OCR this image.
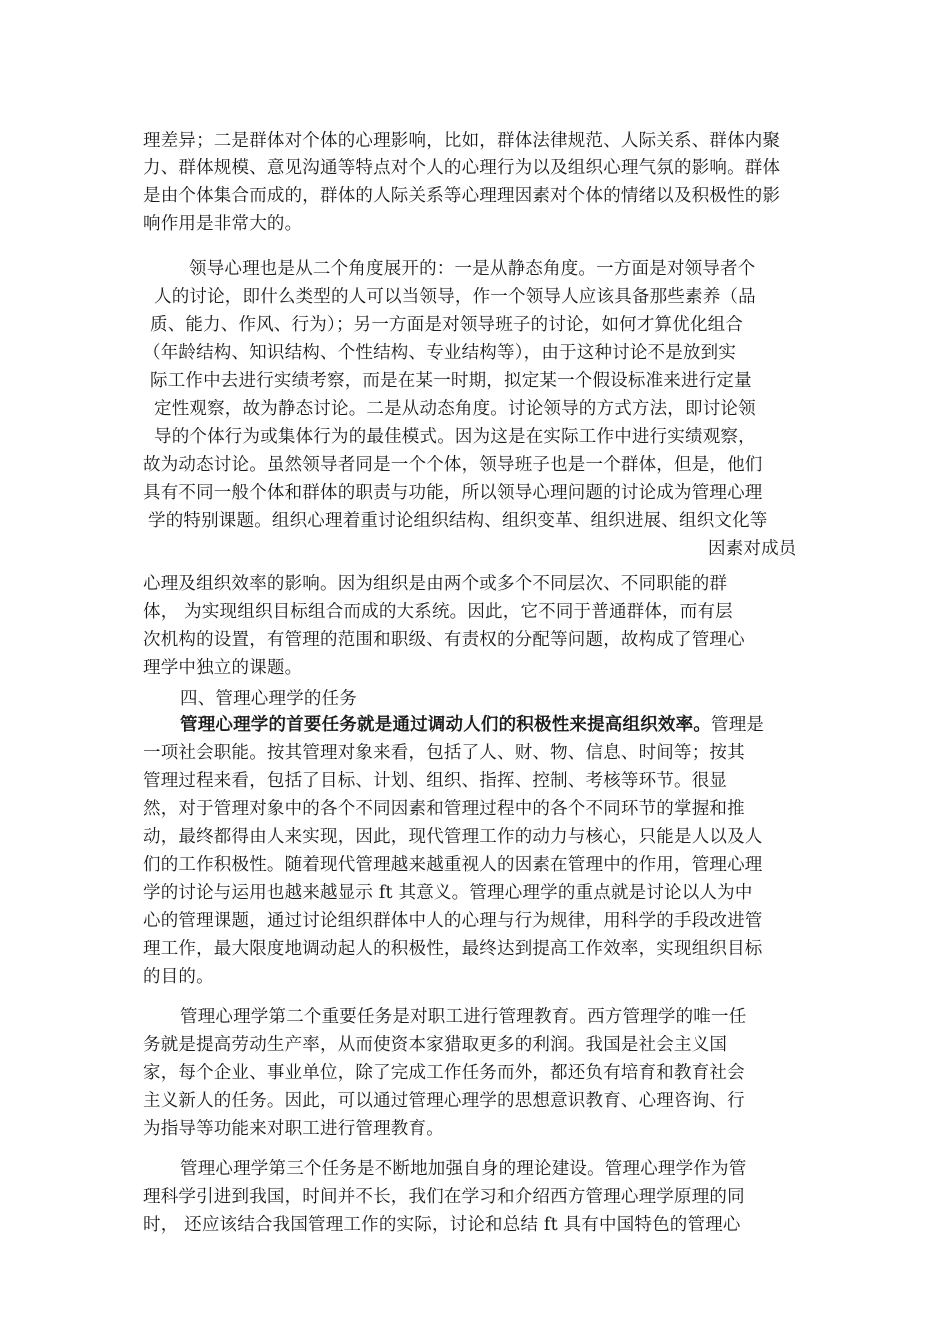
理差异；二是群体对个体的心理影响，比如，群体法律规范、人际关系、群体内聚
力、群体规模、意见沟通等特点对个人的心理行为以及组织心理气氛的影响。群体
是由个体集合而成的，群体的人际关系等心理理因素对个体的情绪以及积极性的影
响作用是非常大的。
领导心理也是从二个角度展开的：一是从静态角度。一方面是对领导者个
人的讨论，即什么类型的人可以当领导，作一个领导人应该具备那些素养（品
质、能力、作风、行为）；另一方面是对领导班子的讨论，如何才算优化组合
（年龄结构、知识结构、个性结构、专业结构等），由于这种讨论不是放到实
际工作中去进行实绩考察，而是在某一时期，拟定某一个假设标准来进行定量
定性观察，故为静态讨论。二是从动态角度。讨论领导的方式方法，即讨论领
导的个体行为或集体行为的最佳模式。因为这是在实际工作中进行实绩观察，
故为动态讨论。虽然领导者同是一个个体，领导班子也是一个群体，但是，他们
具有不同一般个体和群体的职责与功能，所以领导心理问题的讨论成为管理心理
学的特别课题。组织心理着重讨论组织结构、组织变革、组织进展、组织文化等
因素对成员
心理及组织效率的影响。因为组织是由两个或多个不同层次、不同职能的群
体， 为实现组织目标组合而成的大系统。因此，它不同于普通群体，而有层
次机构的设置，有管理的范围和职级、有责权的分配等问题，故构成了管理心
理学中独立的课题。
四、管理心理学的任务
管理心理学的首要任务就是通过调动人们的积极性来提高组织效率。管理是
一项社会职能。按其管理对象来看，包括了人、财、物、信息、时间等；按其
管理过程来看，包括了目标、计划、组织、指挥、控制、考核等环节。很显
然，对于管理对象中的各个不同因素和管理过程中的各个不同环节的掌握和推
动，最终都得由人来实现，因此，现代管理工作的动力与核心，只能是人以及人
们的工作积极性。随着现代管理越来越重视人的因素在管理中的作用，管理心理
学的讨论与运用也越来越显示 ft 其意义。管理心理学的重点就是讨论以人为中
心的管理课题，通过讨论组织群体中人的心理与行为规律，用科学的手段改进管
理工作，最大限度地调动起人的积极性，最终达到提高工作效率，实现组织目标
的目的。
管理心理学第二个重要任务是对职工进行管理教育。西方管理学的唯一任
务就是提高劳动生产率，从而使资本家猎取更多的利润。我国是社会主义国
家，每个企业、事业单位，除了完成工作任务而外，都还负有培育和教育社会
主义新人的任务。因此，可以通过管理心理学的思想意识教育、心理咨询、行
为指导等功能来对职工进行管理教育。
管理心理学第三个任务是不断地加强自身的理论建设。管理心理学作为管
理科学引进到我国，时间并不长，我们在学习和介绍西方管理心理学原理的同
时， 还应该结合我国管理工作的实际，讨论和总结 ft 具有中国特色的管理心
